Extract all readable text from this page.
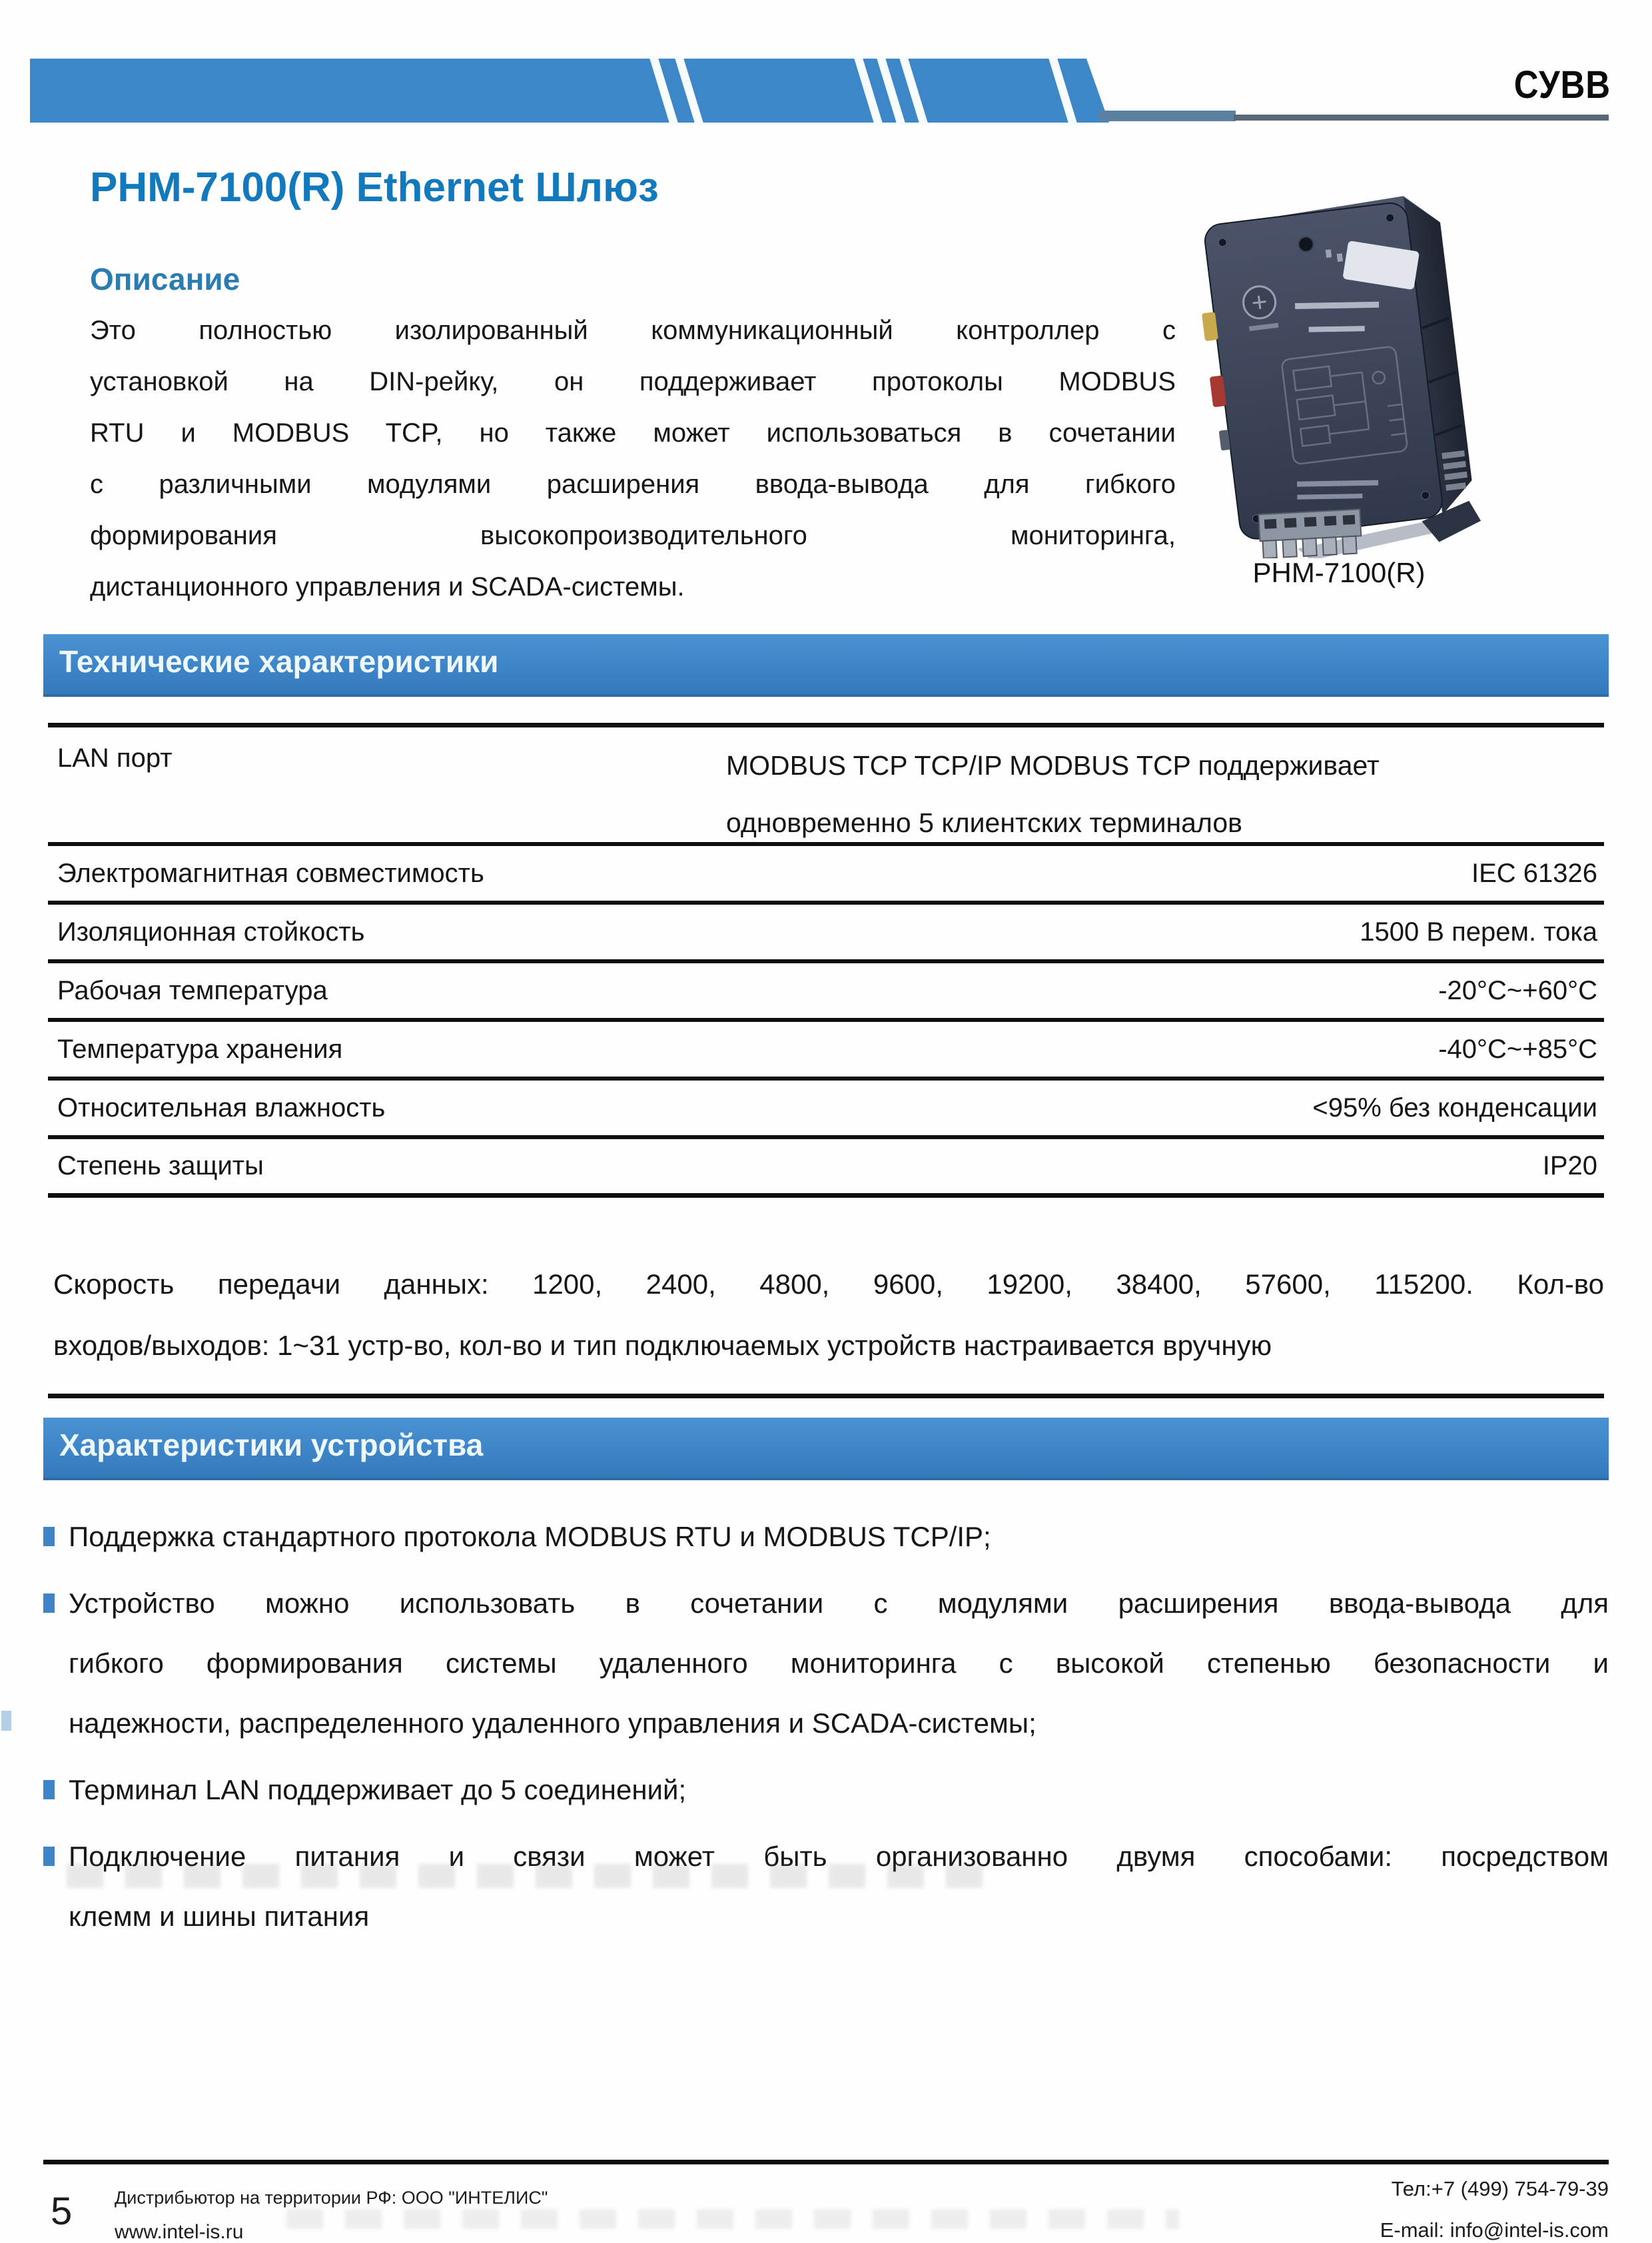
СУВВ
PHM-7100(R) Ethernet Шлюз
Описание
Это полностью изолированный коммуникационный контроллер с
установкой на DIN-рейку, он поддерживает протоколы MODBUS
RTU и MODBUS TCP, но также может использоваться в сочетании
с различными модулями расширения ввода-вывода для гибкого
формирования высокопроизводительного мониторинга,
дистанционного управления и SCADA-системы.	PHM-7100(R)
Технические характеристики
LAN порт	MODBUS TCP TCP/IP MODBUS TCP поддерживает
одновременно 5 клиентских терминалов
Электромагнитная совместимость	IEC 61326
Изоляционная стойкость	1500 В перем. тока
Рабочая температура	-20°C~+60°C
Температура хранения	-40°C~+85°C
Относительная влажность	<95% без конденсации
Степень защиты	IP20
Скорость передачи данных: 1200, 2400, 4800, 9600, 19200, 38400, 57600, 115200. Кол-во
входов/выходов: 1~31 устр-во, кол-во и тип подключаемых устройств настраивается вручную
Характеристики устройства
Поддержка стандартного протокола MODBUS RTU и MODBUS TCP/IP;
Устройство можно использовать в сочетании с модулями расширения ввода-вывода для
гибкого формирования системы удаленного мониторинга с высокой степенью безопасности и
надежности, распределенного удаленного управления и SCADA-системы;
Терминал LAN поддерживает до 5 соединений;
Подключение питания и связи может быть организованно двумя способами: посредством
клемм и шины питания
5 Дистрибьютор на территории РФ: ООО "ИНТЕЛИС"
www.intel-is.ru
Тел:+7 (499) 754-79-39
E-mail: info@intel-is.com
